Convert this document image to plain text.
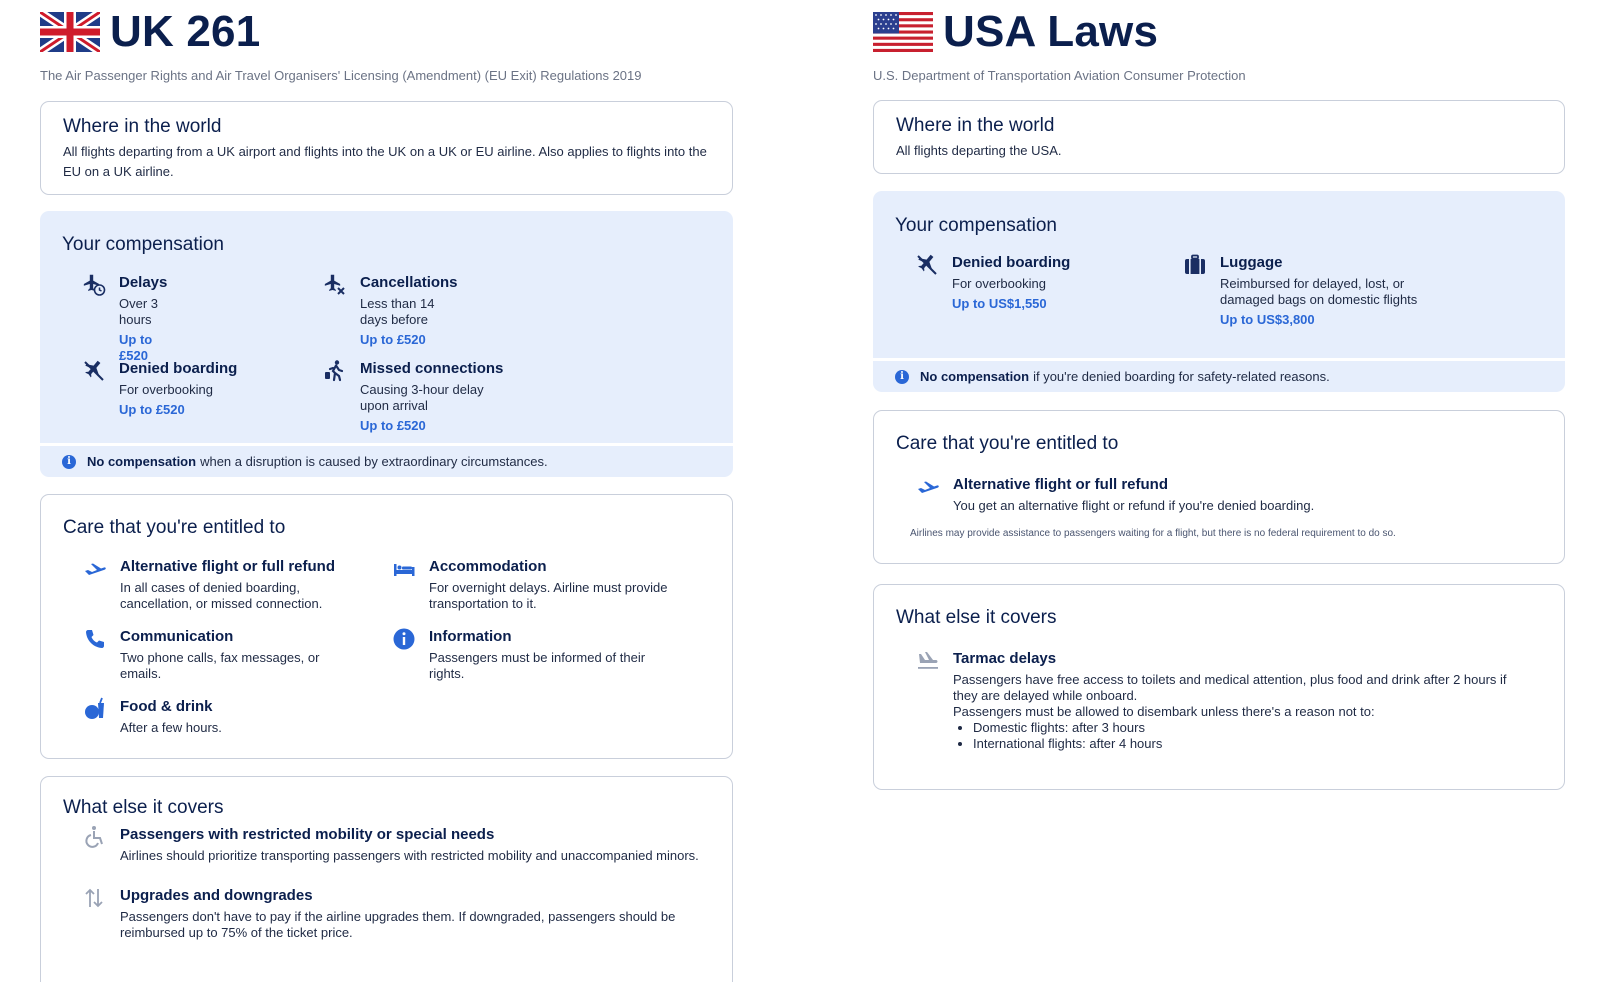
UK 261
The Air Passenger Rights and Air Travel Organisers' Licensing (Amendment) (EU Exit) Regulations 2019
Where in the world
All flights departing from a UK airport and flights into the UK on a UK or EU airline. Also applies to flights into the EU on a UK airline.
Your compensation
Delays
Over 3 hours
Up to £520
Cancellations
Less than 14 days before
Up to £520
Denied boarding
For overbooking
Up to £520
Missed connections
Causing 3-hour delay upon arrival
Up to £520
i	No compensation when a disruption is caused by extraordinary circumstances.
Care that you're entitled to
Alternative flight or full refund
In all cases of denied boarding, cancellation, or missed connection.
Accommodation
For overnight delays. Airline must provide transportation to it.
Communication
Two phone calls, fax messages, or emails.
Information
Passengers must be informed of their rights.
Food & drink
After a few hours.
What else it covers
Passengers with restricted mobility or special needs
Airlines should prioritize transporting passengers with restricted mobility and unaccompanied minors.
Upgrades and downgrades
Passengers don't have to pay if the airline upgrades them. If downgraded, passengers should be reimbursed up to 75% of the ticket price.
USA Laws
U.S. Department of Transportation Aviation Consumer Protection
Where in the world
All flights departing the USA.
Your compensation
Denied boarding
For overbooking
Up to US$1,550
Luggage
Reimbursed for delayed, lost, or damaged bags on domestic flights
Up to US$3,800
i	No compensation if you're denied boarding for safety-related reasons.
Care that you're entitled to
Alternative flight or full refund
You get an alternative flight or refund if you're denied boarding.
Airlines may provide assistance to passengers waiting for a flight, but there is no federal requirement to do so.
What else it covers
Tarmac delays
Passengers have free access to toilets and medical attention, plus food and drink after 2 hours if they are delayed while onboard.
Passengers must be allowed to disembark unless there's a reason not to:
• Domestic flights: after 3 hours
• International flights: after 4 hours
